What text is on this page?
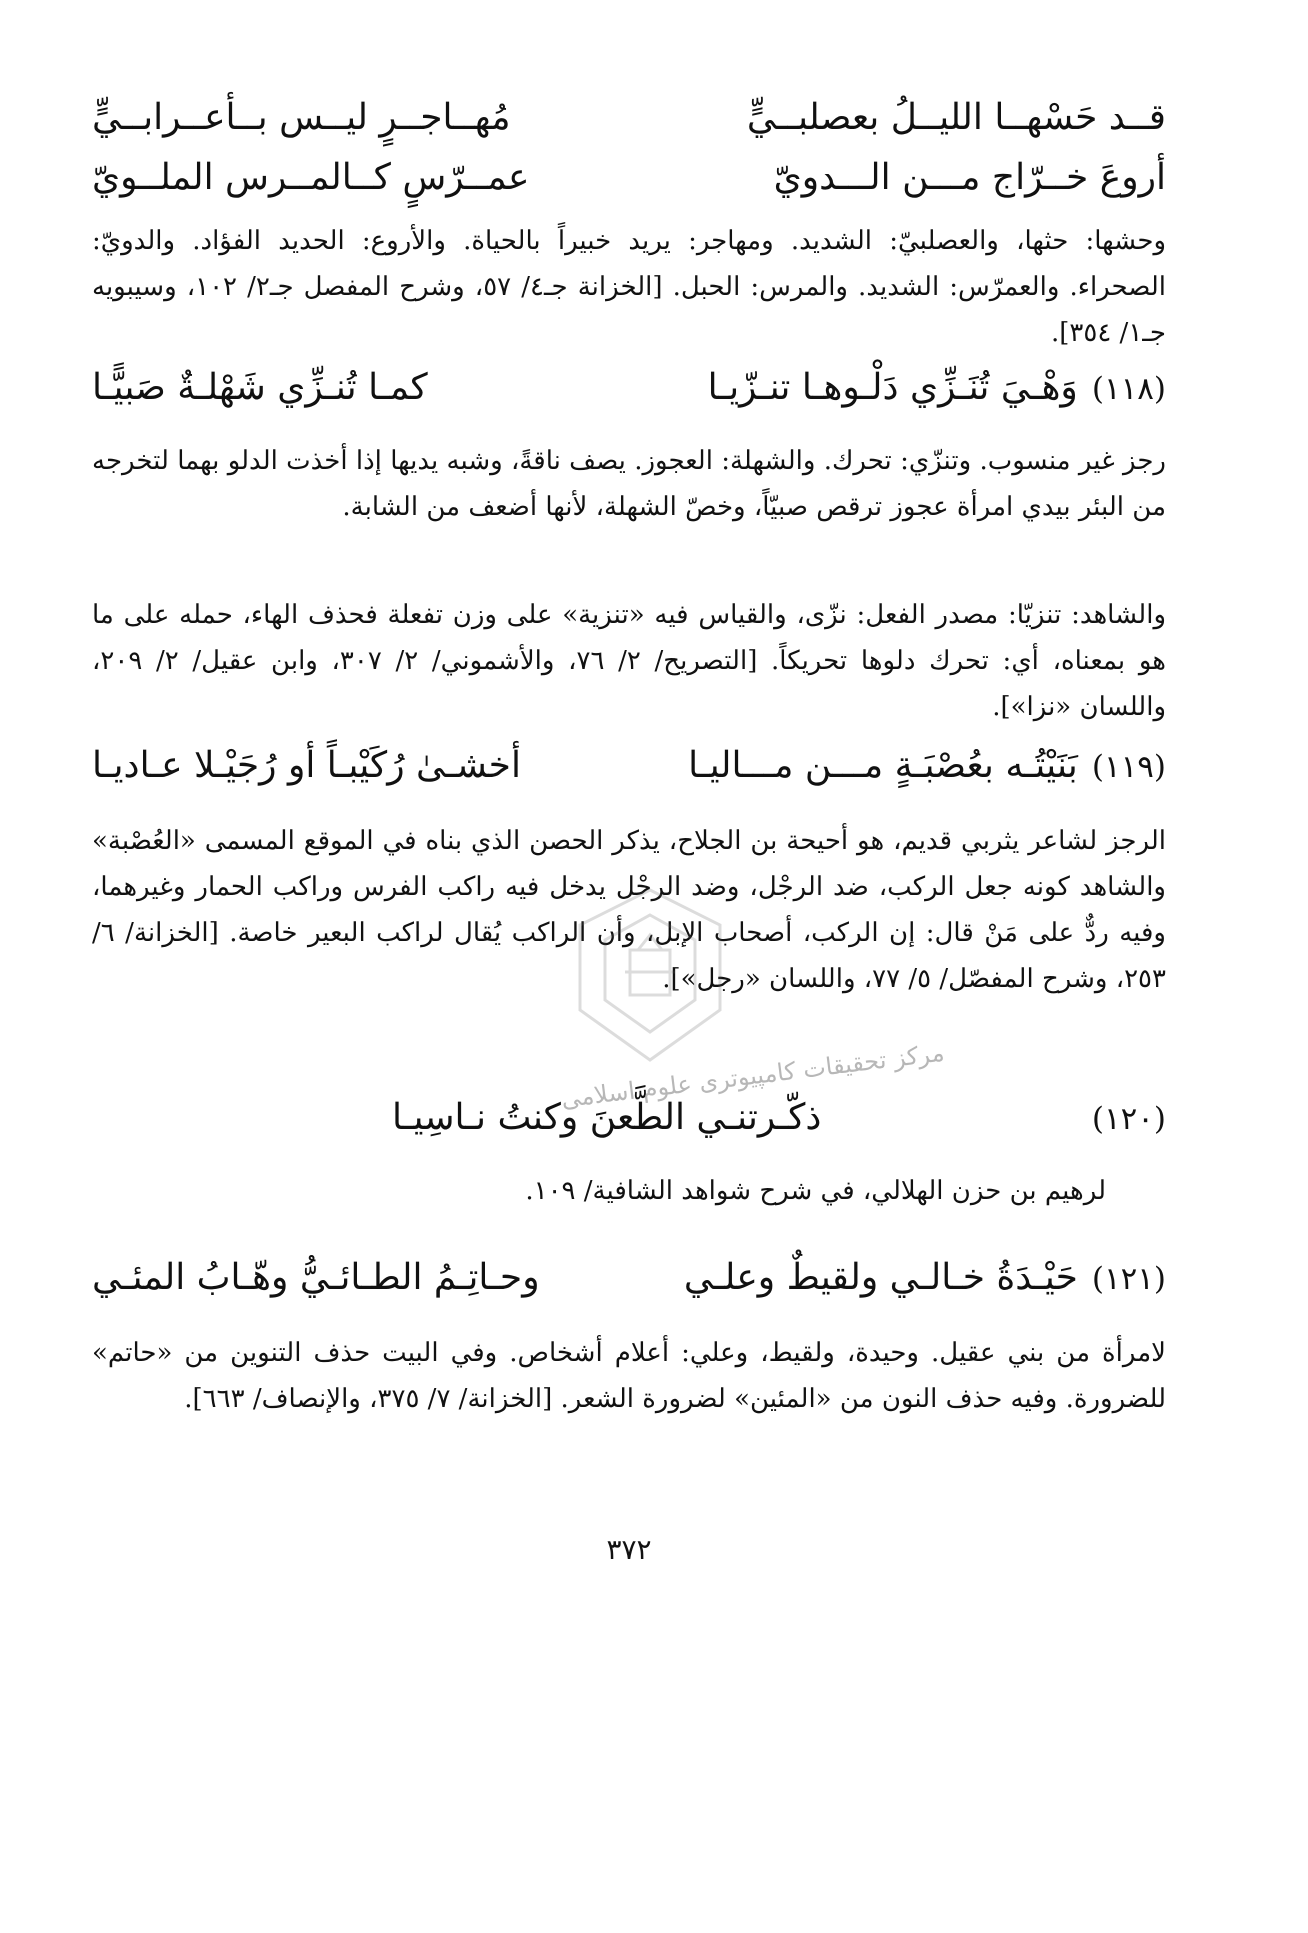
قــد حَسْهــا الليــلُ بعصلبــيٍّ
مُهــاجــرٍ ليــس بــأعــرابــيٍّ
أروعَ خــرّاج مـــن الـــدويّ
عمــرّسٍ كــالمــرس الملــويّ

وحشها: حثها، والعصلبيّ: الشديد. ومهاجر: يريد خبيراً بالحياة. والأروع: الحديد الفؤاد. والدويّ: الصحراء. والعمرّس: الشديد. والمرس: الحبل. [الخزانة جـ٤/ ٥٧، وشرح المفصل جـ٢/ ١٠٢، وسيبويه جـ١/ ٣٥٤].

(١١٨)وَهْـيَ تُنَـزِّي دَلْـوهـا تنـزّيـا
كمـا تُنـزِّي شَهْلـةٌ صَبيًّـا

رجز غير منسوب. وتنزّي: تحرك. والشهلة: العجوز. يصف ناقةً، وشبه يديها إذا أخذت الدلو بهما لتخرجه من البئر بيدي امرأة عجوز ترقص صبيّاً، وخصّ الشهلة، لأنها أضعف من الشابة.

والشاهد: تنزيّا: مصدر الفعل: نزّى، والقياس فيه «تنزية» على وزن تفعلة فحذف الهاء، حمله على ما هو بمعناه، أي: تحرك دلوها تحريكاً. [التصريح/ ٢/ ٧٦، والأشموني/ ٢/ ٣٠٧، وابن عقيل/ ٢/ ٢٠٩، واللسان «نزا»].

(١١٩)بَنَيْتُـه بعُصْبَـةٍ مـــن مـــاليـا
أخشـىٰ رُكَيْبـاً أو رُجَيْـلا عـاديـا

الرجز لشاعر يثربي قديم، هو أحيحة بن الجلاح، يذكر الحصن الذي بناه في الموقع المسمى «العُصْبة» والشاهد كونه جعل الركب، ضد الرجْل، وضد الرجْل يدخل فيه راكب الفرس وراكب الحمار وغيرهما، وفيه ردٌّ على مَنْ قال: إن الركب، أصحاب الإبل، وأن الراكب يُقال لراكب البعير خاصة. [الخزانة/ ٦/ ٢٥٣، وشرح المفصّل/ ٥/ ٧٧، واللسان «رجل»].

(١٢٠)
ذكّـرتنـي الطَّعنَ وكنتُ نـاسِيـا

لرهيم بن حزن الهلالي، في شرح شواهد الشافية/ ١٠٩.

(١٢١)حَيْـدَةُ خـالـي ولقيطٌ وعلـي
وحـاتِـمُ الطـائـيُّ وهّـابُ المئـي

لامرأة من بني عقيل. وحيدة، ولقيط، وعلي: أعلام أشخاص. وفي البيت حذف التنوين من «حاتم» للضرورة. وفيه حذف النون من «المئين» لضرورة الشعر. [الخزانة/ ٧/ ٣٧٥، والإنصاف/ ٦٦٣].

٣٧٢
مركز تحقيقات كامپيوتری علوم اسلامی
